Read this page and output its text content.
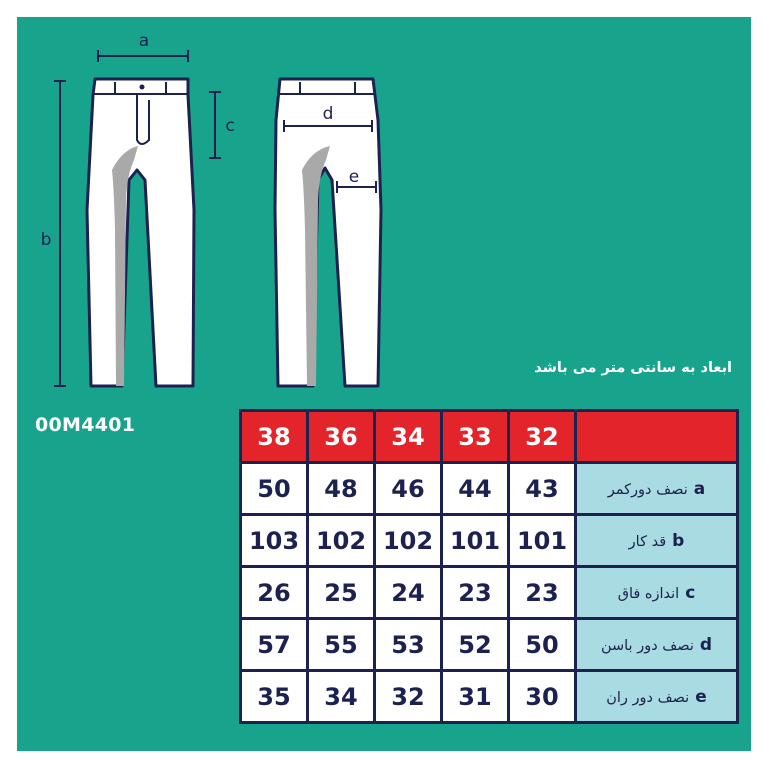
a
b
c
d
e
00M4401
ابعاد به سانتی متر می باشد
38	36	34	33	32	
50	48	46	44	43	نصف دورکمر a
103	102	102	101	101	قد کار b
26	25	24	23	23	اندازه فاق c
57	55	53	52	50	نصف دور باسن d
35	34	32	31	30	نصف دور ران e
